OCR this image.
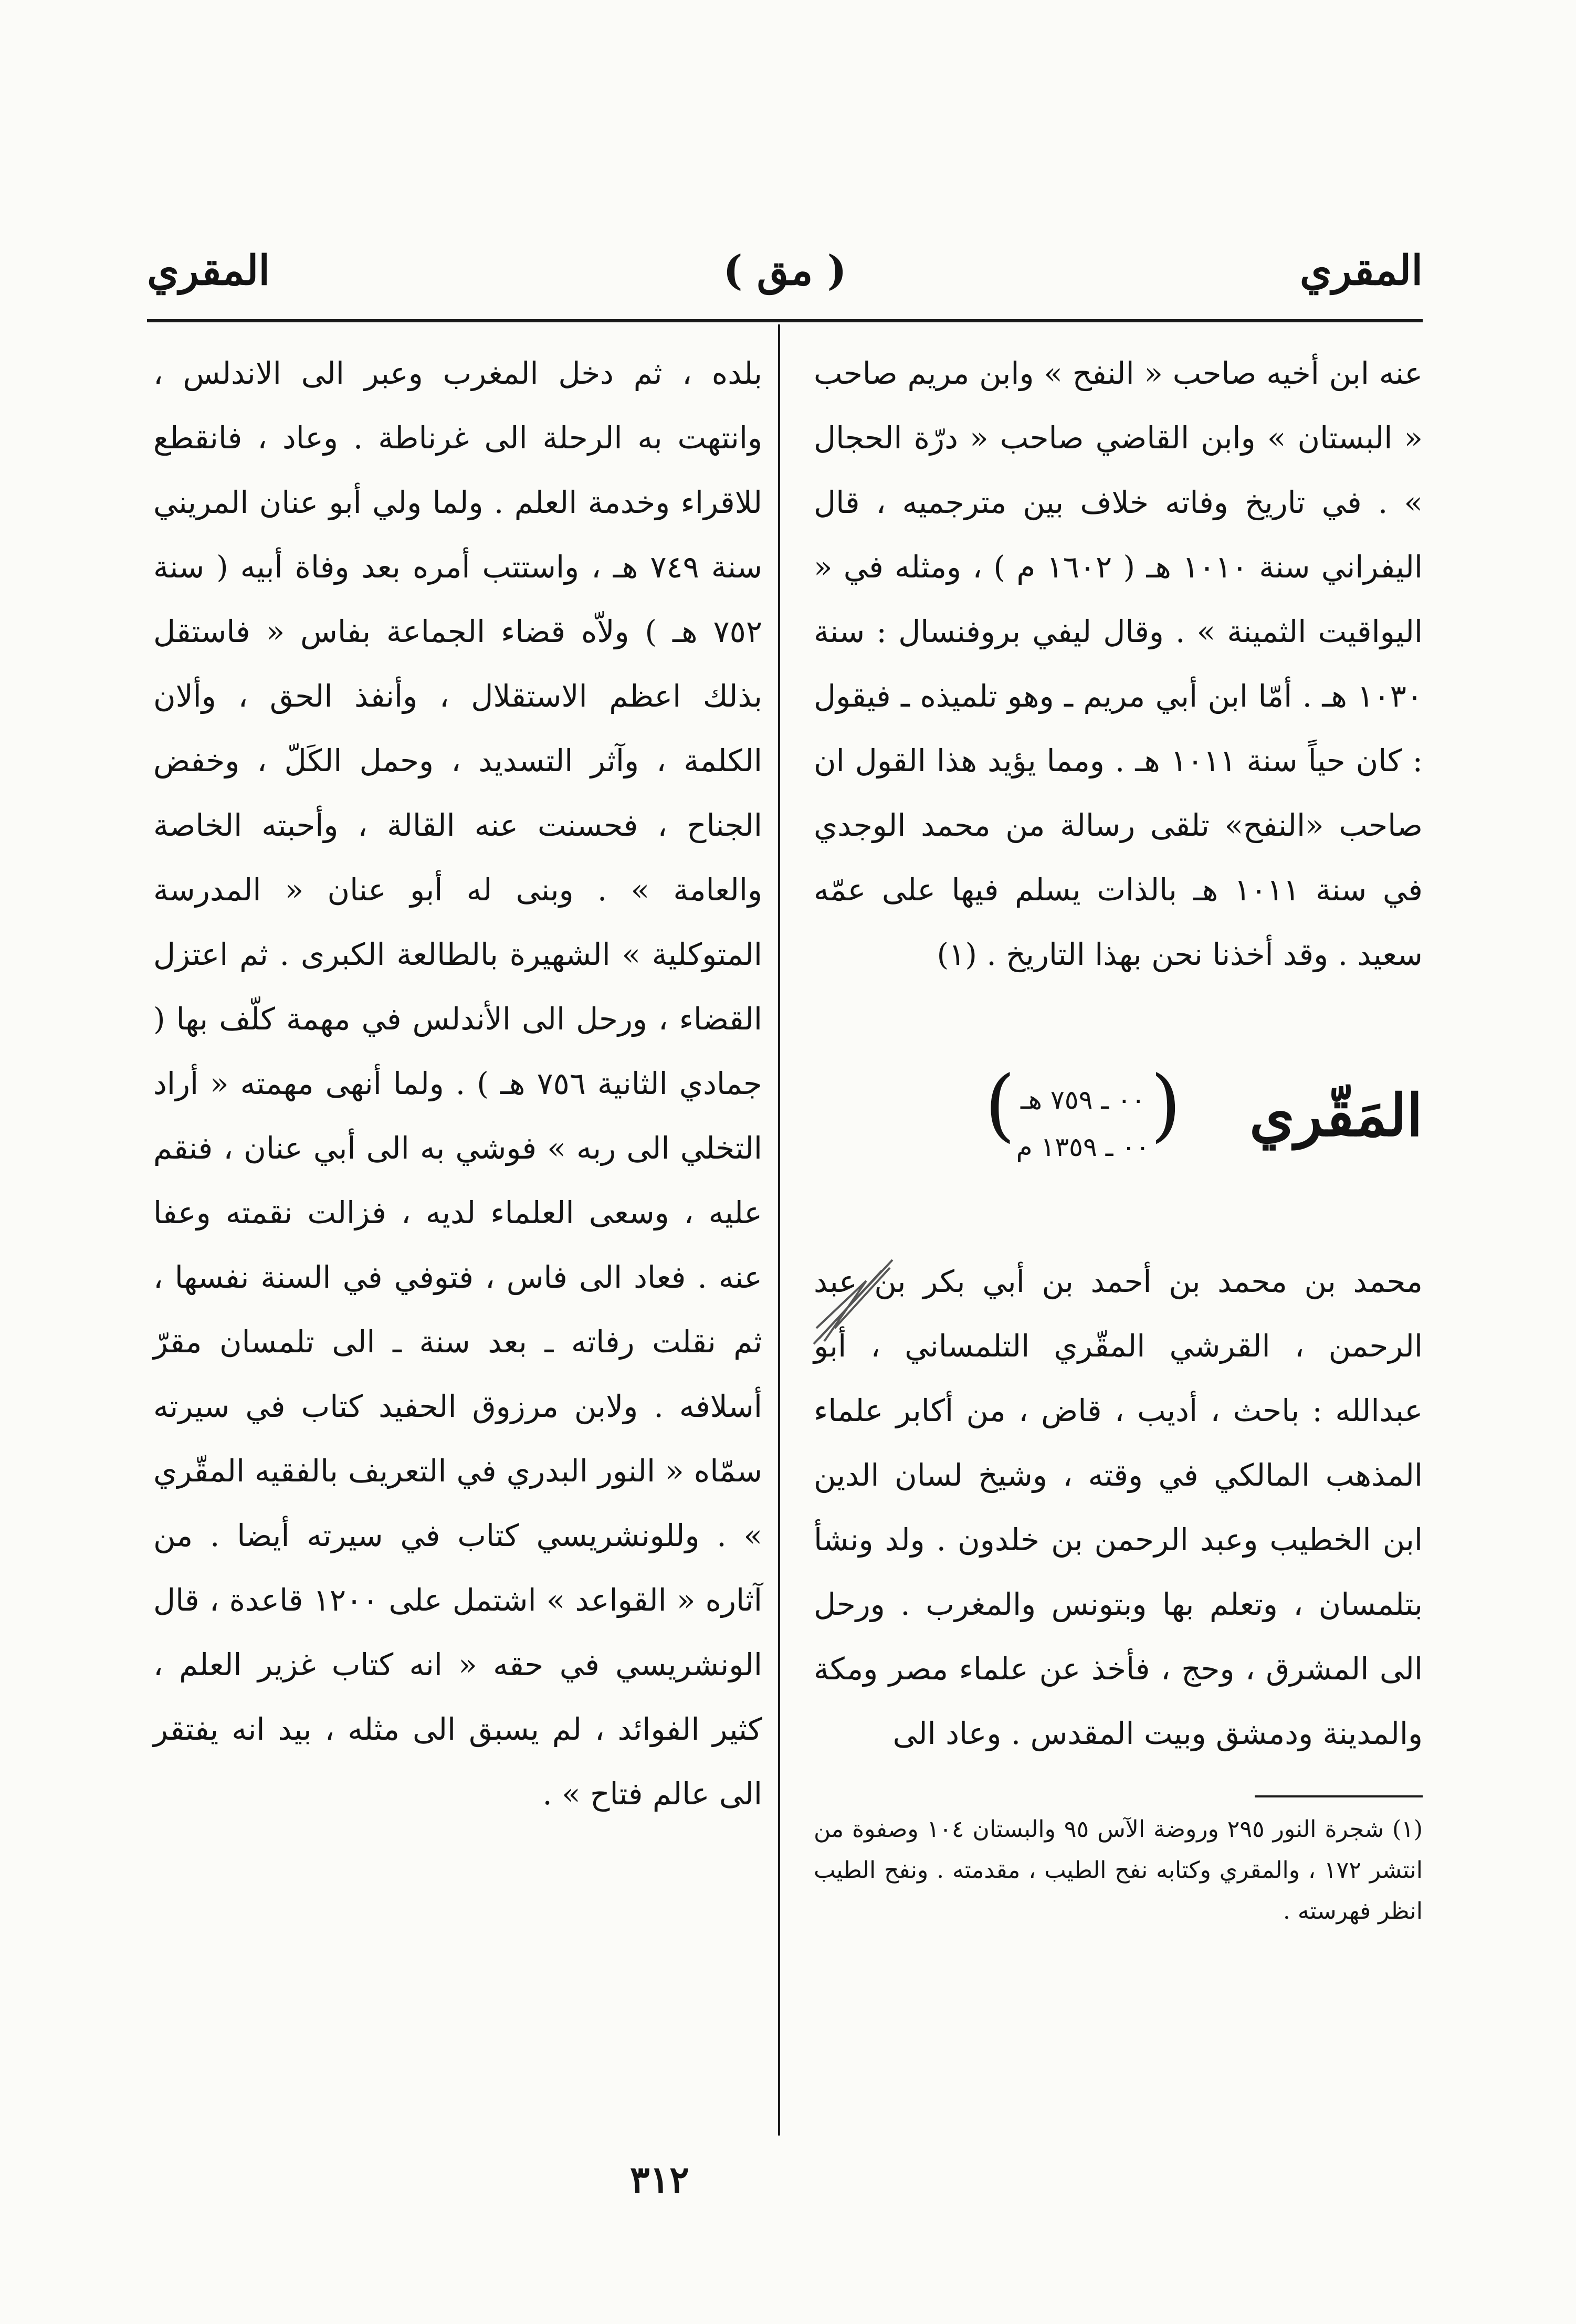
المقري
( مق )
المقري

عنه ابن أخيه صاحب « النفح » وابن مريم صاحب « البستان » وابن القاضي صاحب « درّة الحجال » . في تاريخ وفاته خلاف بين مترجميه ، قال اليفراني سنة ١٠١٠ هـ ( ١٦٠٢ م ) ، ومثله في « اليواقيت الثمينة » . وقال ليفي بروفنسال : سنة ١٠٣٠ هـ . أمّا ابن أبي مريم ـ وهو تلميذه ـ فيقول : كان حياً سنة ١٠١١ هـ . ومما يؤيد هذا القول ان صاحب «النفح» تلقى رسالة من محمد الوجدي في سنة ١٠١١ هـ بالذات يسلم فيها على عمّه سعيد . وقد أخذنا نحن بهذا التاريخ . (١)

المَقّري
(
٠٠ ـ ٧٥٩ هـ
٠٠ ـ ١٣٥٩ م
)

محمد بن محمد بن أحمد بن أبي بكر بن عبد الرحمن ، القرشي المقّري التلمساني ، أبو عبدالله : باحث ، أديب ، قاض ، من أكابر علماء المذهب المالكي في وقته ، وشيخ لسان الدين ابن الخطيب وعبد الرحمن بن خلدون . ولد ونشأ بتلمسان ، وتعلم بها وبتونس والمغرب . ورحل الى المشرق ، وحج ، فأخذ عن علماء مصر ومكة والمدينة ودمشق وبيت المقدس . وعاد الى

(١) شجرة النور ٢٩٥ وروضة الآس ٩٥ والبستان ١٠٤ وصفوة من انتشر ١٧٢ ، والمقري وكتابه نفح الطيب ، مقدمته . ونفح الطيب انظر فهرسته .

بلده ، ثم دخل المغرب وعبر الى الاندلس ، وانتهت به الرحلة الى غرناطة . وعاد ، فانقطع للاقراء وخدمة العلم . ولما ولي أبو عنان المريني سنة ٧٤٩ هـ ، واستتب أمره بعد وفاة أبيه ( سنة ٧٥٢ هـ ) ولاّه قضاء الجماعة بفاس « فاستقل بذلك اعظم الاستقلال ، وأنفذ الحق ، وألان الكلمة ، وآثر التسديد ، وحمل الكَلّ ، وخفض الجناح ، فحسنت عنه القالة ، وأحبته الخاصة والعامة » . وبنى له أبو عنان « المدرسة المتوكلية » الشهيرة بالطالعة الكبرى . ثم اعتزل القضاء ، ورحل الى الأندلس في مهمة كلّف بها ( جمادي الثانية ٧٥٦ هـ ) . ولما أنهى مهمته « أراد التخلي الى ربه » فوشي به الى أبي عنان ، فنقم عليه ، وسعى العلماء لديه ، فزالت نقمته وعفا عنه . فعاد الى فاس ، فتوفي في السنة نفسها ، ثم نقلت رفاته ـ بعد سنة ـ الى تلمسان مقرّ أسلافه . ولابن مرزوق الحفيد كتاب في سيرته سمّاه « النور البدري في التعريف بالفقيه المقّري » . وللونشريسي كتاب في سيرته أيضا . من آثاره « القواعد » اشتمل على ١٢٠٠ قاعدة ، قال الونشريسي في حقه « انه كتاب غزير العلم ، كثير الفوائد ، لم يسبق الى مثله ، بيد انه يفتقر الى عالم فتاح » .

٣١٢
